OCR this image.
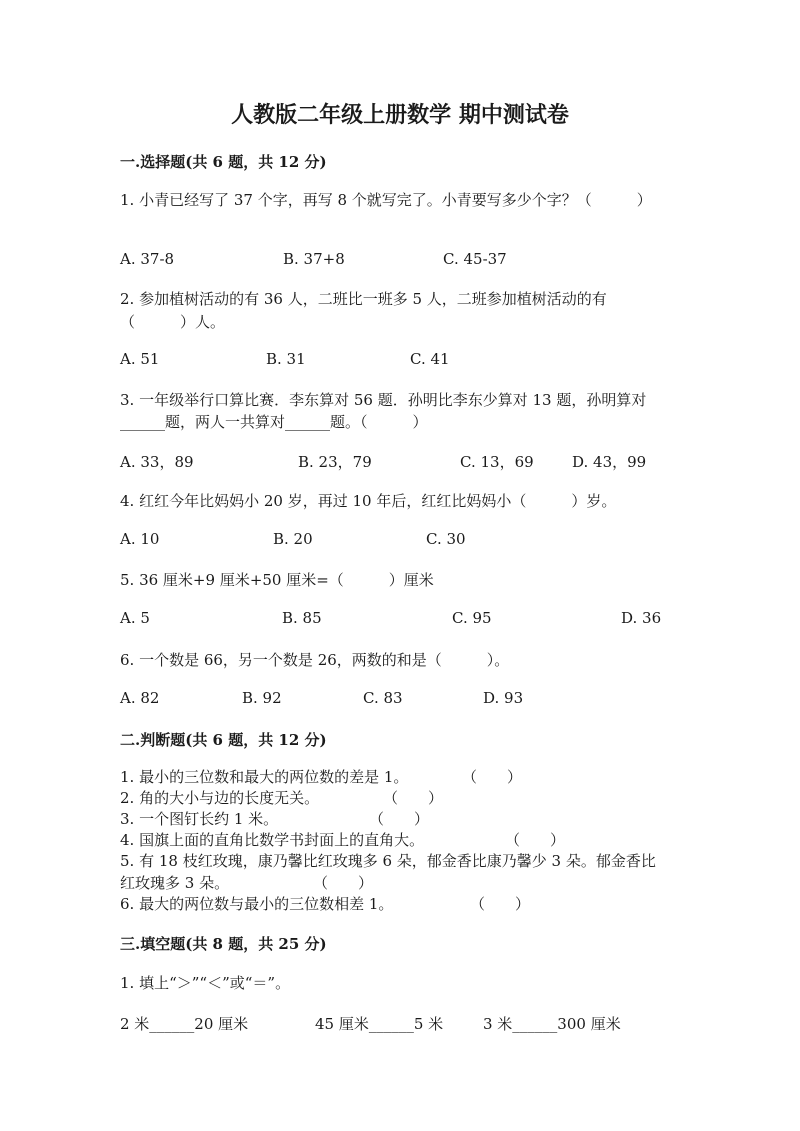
人教版二年级上册数学 期中测试卷
一.选择题(共 6 题，共 12 分)
1. 小青已经写了 37 个字，再写 8 个就写完了。小青要写多少个字？（　　　）
A. 37-8	B. 37+8	C. 45-37
2. 参加植树活动的有 36 人，二班比一班多 5 人，二班参加植树活动的有
（　　　）人。
A. 51	B. 31	C. 41
3. 一年级举行口算比赛．李东算对 56 题．孙明比李东少算对 13 题，孙明算对
______题，两人一共算对______题。（　　　）
A. 33，89	B. 23，79	C. 13，69	D. 43，99
4. 红红今年比妈妈小 20 岁，再过 10 年后，红红比妈妈小（　　　）岁。
A. 10	B. 20	C. 30
5. 36 厘米+9 厘米+50 厘米=（　　　）厘米
A. 5	B. 85	C. 95	D. 36
6. 一个数是 66，另一个数是 26，两数的和是（　　　）。
A. 82	B. 92	C. 83	D. 93
二.判断题(共 6 题，共 12 分)
1. 最小的三位数和最大的两位数的差是 1。	（　　）
2. 角的大小与边的长度无关。	（　　）
3. 一个图钉长约 1 米。	（　　）
4. 国旗上面的直角比数学书封面上的直角大。	（　　）
5. 有 18 枝红玫瑰，康乃馨比红玫瑰多 6 朵，郁金香比康乃馨少 3 朵。郁金香比
红玫瑰多 3 朵。	（　　）
6. 最大的两位数与最小的三位数相差 1。	（　　）
三.填空题(共 8 题，共 25 分)
1. 填上“＞”“＜”或“＝”。
2 米______20 厘米	45 厘米______5 米	3 米______300 厘米
